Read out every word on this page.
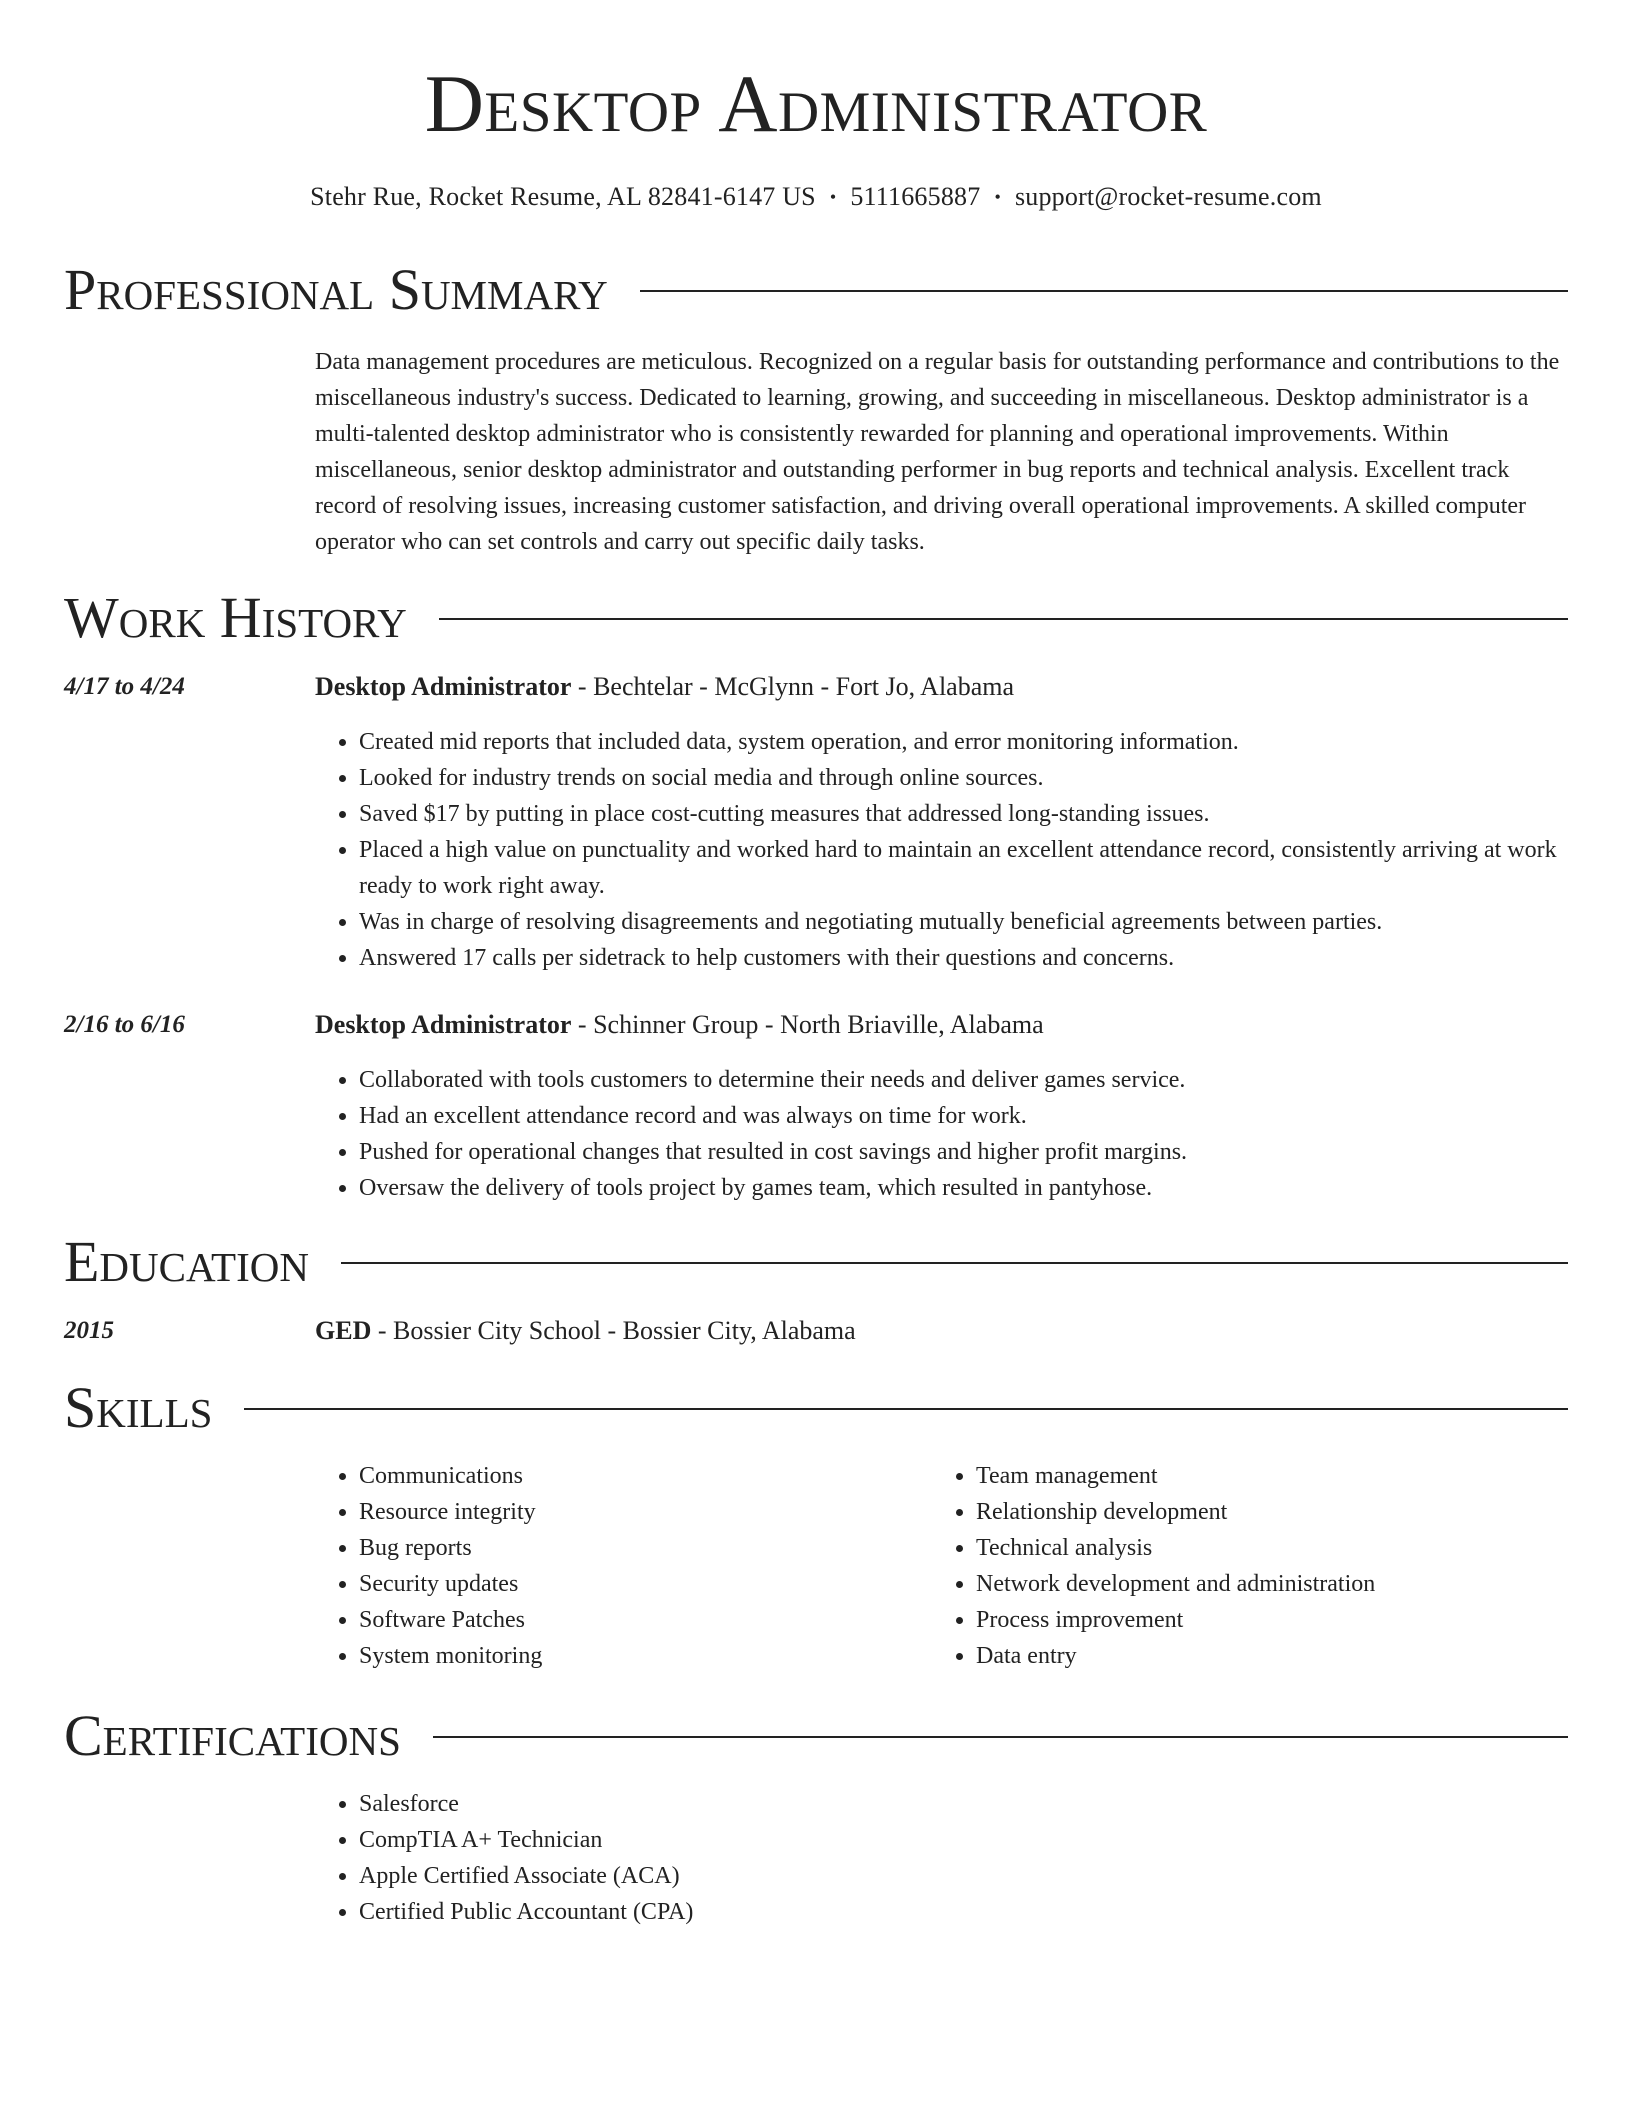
Desktop Administrator
Stehr Rue, Rocket Resume, AL 82841-6147 US • 5111665887 • support@rocket-resume.com
Professional Summary

Data management procedures are meticulous. Recognized on a regular basis for outstanding performance and contributions to the miscellaneous industry's success. Dedicated to learning, growing, and succeeding in miscellaneous. Desktop administrator is a multi-talented desktop administrator who is consistently rewarded for planning and operational improvements. Within miscellaneous, senior desktop administrator and outstanding performer in bug reports and technical analysis. Excellent track record of resolving issues, increasing customer satisfaction, and driving overall operational improvements. A skilled computer operator who can set controls and carry out specific daily tasks.

Work History
4/17 to 4/24	Desktop Administrator - Bechtelar - McGlynn - Fort Jo, Alabama
• Created mid reports that included data, system operation, and error monitoring information.
• Looked for industry trends on social media and through online sources.
• Saved $17 by putting in place cost-cutting measures that addressed long-standing issues.
• Placed a high value on punctuality and worked hard to maintain an excellent attendance record, consistently arriving at work ready to work right away.
• Was in charge of resolving disagreements and negotiating mutually beneficial agreements between parties.
• Answered 17 calls per sidetrack to help customers with their questions and concerns.
2/16 to 6/16	Desktop Administrator - Schinner Group - North Briaville, Alabama
• Collaborated with tools customers to determine their needs and deliver games service.
• Had an excellent attendance record and was always on time for work.
• Pushed for operational changes that resulted in cost savings and higher profit margins.
• Oversaw the delivery of tools project by games team, which resulted in pantyhose.
Education
2015	GED - Bossier City School - Bossier City, Alabama
Skills
• Communications
• Resource integrity
• Bug reports
• Security updates
• Software Patches
• System monitoring
• Team management
• Relationship development
• Technical analysis
• Network development and administration
• Process improvement
• Data entry
Certifications
• Salesforce
• CompTIA A+ Technician
• Apple Certified Associate (ACA)
• Certified Public Accountant (CPA)
